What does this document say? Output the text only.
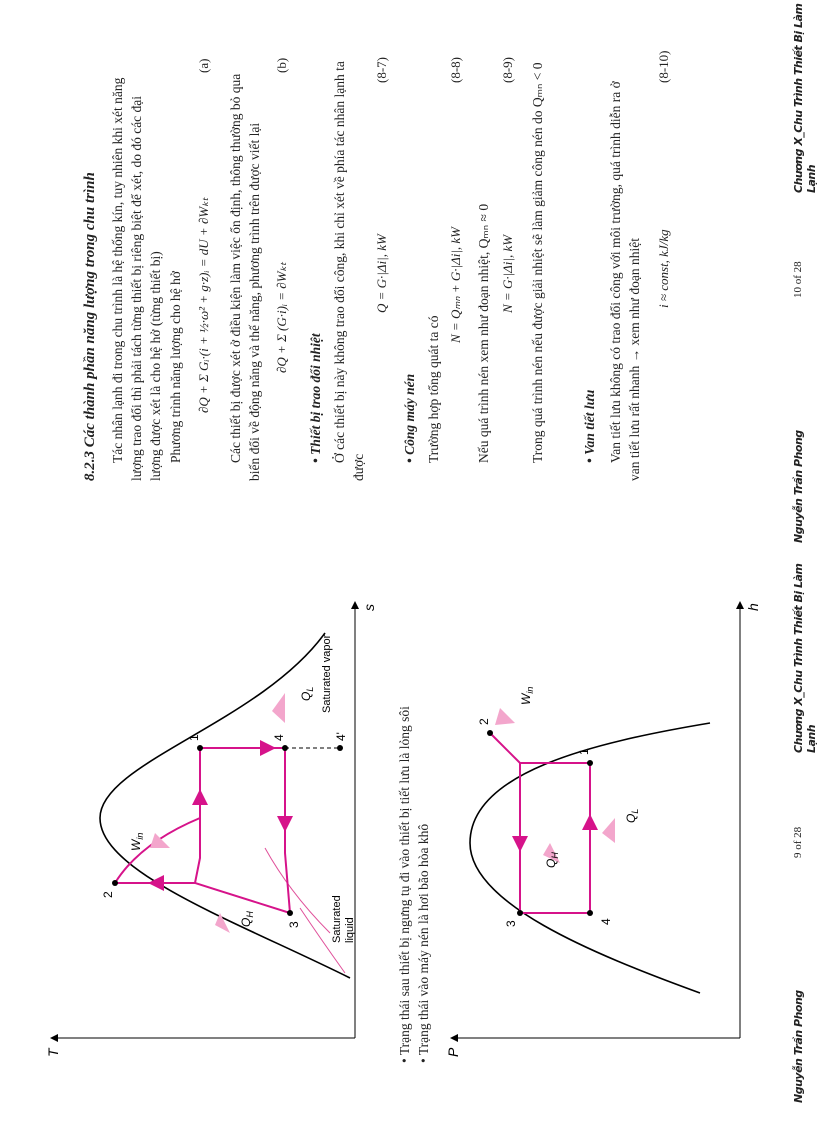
T
s
2
1	4
3
4'
$Q_H$
$Q_L$
$W_{in}$
Saturated liquid
Saturated vapor
• Trạng thái sau thiết bị ngưng tụ đi vào thiết bị tiết lưu là lỏng sôi
• Trạng thái vào máy nén là hơi bão hòa khô P
h
4
3
1
2
$Q_H$
$Q_L$
$W_{in}$
Nguyễn Trần Phong
9 of 28
Chương X_Chu Trình Thiết Bị Làm Lạnh
8.2.3 Các thành phần năng lượng trong chu trình Tác nhân lạnh đi trong chu trình là hệ thống kín, tuy nhiên khi xét năng lượng trao đổi thì phải tách từng thiết bị riêng biệt để xét, do đó các đại lượng được xét là cho hệ hở (từng thiết bị) Phương trình năng lượng cho hệ hở ∂Q + Σ Gᵢ·(i + ½·ω² + g·z)ᵢ = dU + ∂Wₖₜ
(a)
Các thiết bị được xét ở điều kiện làm việc ổn định, thông thường bỏ qua biến đổi về động năng và thế năng, phương trình trên được viết lại ∂Q + Σ (G·i)ᵢ = ∂Wₖₜ
(b)
• Thiết bị trao đổi nhiệt Ở các thiết bị này không trao đổi công, khi chỉ xét về phía tác nhân lạnh ta được
Q = G·|Δi|, kW
(8-7)
• Công máy nén Trường hợp tổng quát ta có
N = Qₘₙ + G·|Δi|, kW
(8-8)
Nếu quá trình nén xem như đoạn nhiệt, Qₘₙ ≈ 0 N = G·|Δi|, kW
(8-9) Trong quá trình nén nếu được giải nhiệt sẽ làm giảm công nén do Qₘₙ < 0	• Van tiết lưu Van tiết lưu không có trao đổi công với môi trường, quá trình diễn ra ở van tiết lưu rất nhanh → xem như đoạn nhiệt i ≈ const, kJ/kg
(8-10)
Nguyễn Trần Phong
10 of 28
Chương X_Chu Trình Thiết Bị Làm Lạnh
